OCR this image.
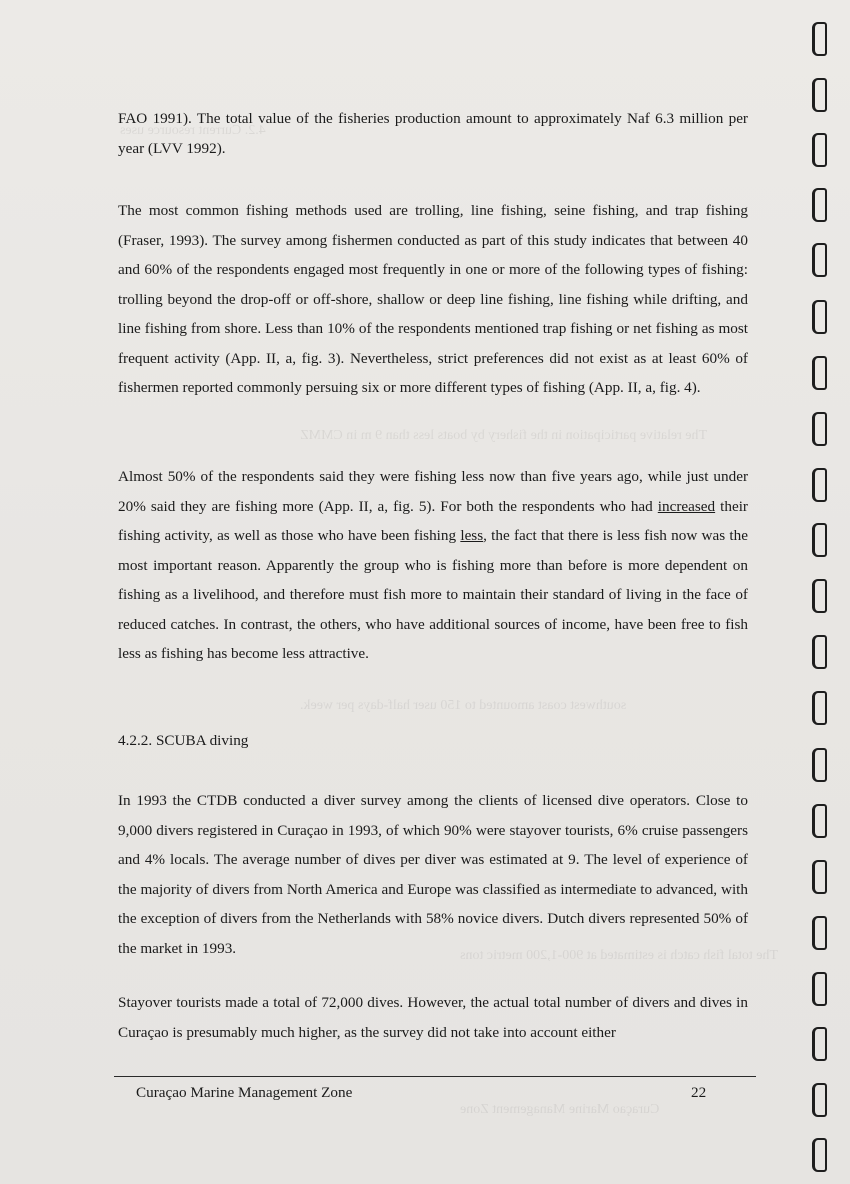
4.2. Current resource uses
The relative participation in the fishery by boats less than 9 m in CMMZ
southwest coast amounted to 150 user half-days per week.
The total fish catch is estimated at 900-1,200 metric tons
Curaçao Marine Management Zone

FAO 1991). The total value of the fisheries production amount to approximately Naf 6.3 million per year (LVV 1992).

The most common fishing methods used are trolling, line fishing, seine fishing, and trap fishing (Fraser, 1993). The survey among fishermen conducted as part of this study indicates that between 40 and 60% of the respondents engaged most frequently in one or more of the following types of fishing: trolling beyond the drop-off or off-shore, shallow or deep line fishing, line fishing while drifting, and line fishing from shore. Less than 10% of the respondents mentioned trap fishing or net fishing as most frequent activity (App. II, a, fig. 3). Nevertheless, strict preferences did not exist as at least 60% of fishermen reported commonly persuing six or more different types of fishing (App. II, a, fig. 4).

Almost 50% of the respondents said they were fishing less now than five years ago, while just under 20% said they are fishing more (App. II, a, fig. 5). For both the respondents who had increased their fishing activity, as well as those who have been fishing less, the fact that there is less fish now was the most important reason. Apparently the group who is fishing more than before is more dependent on fishing as a livelihood, and therefore must fish more to maintain their standard of living in the face of reduced catches. In contrast, the others, who have additional sources of income, have been free to fish less as fishing has become less attractive.

4.2.2. SCUBA diving

In 1993 the CTDB conducted a diver survey among the clients of licensed dive operators. Close to 9,000 divers registered in Curaçao in 1993, of which 90% were stayover tourists, 6% cruise passengers and 4% locals. The average number of dives per diver was estimated at 9. The level of experience of the majority of divers from North America and Europe was classified as intermediate to advanced, with the exception of divers from the Netherlands with 58% novice divers. Dutch divers represented 50% of the market in 1993.

Stayover tourists made a total of 72,000 dives. However, the actual total number of divers and dives in Curaçao is presumably much higher, as the survey did not take into account either

Curaçao Marine Management Zone	22
